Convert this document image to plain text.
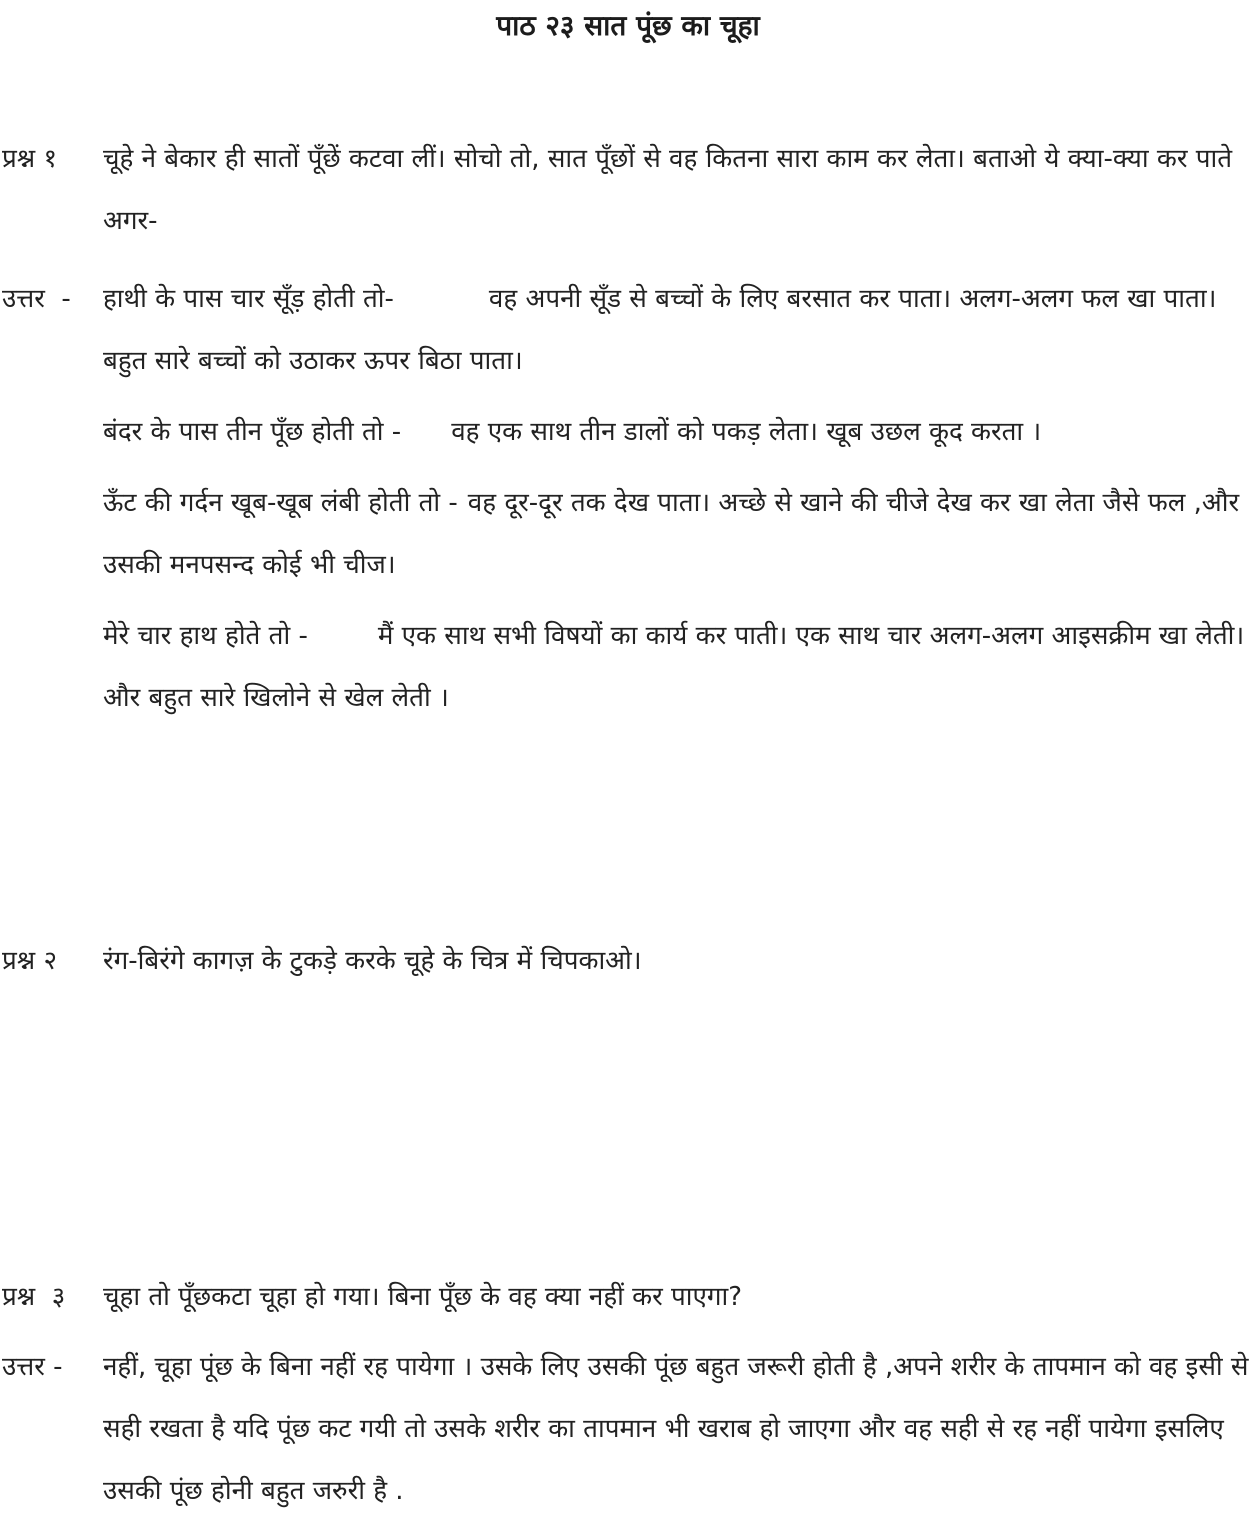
पाठ २३ सात पूंछ का चूहा
प्रश्न १	चूहे ने बेकार ही सातों पूँछें कटवा लीं। सोचो तो, सात पूँछों से वह कितना सारा काम कर लेता। बताओ ये क्या-क्या कर पाते अगर-
उत्तर  -	हाथी के पास चार सूँड़ होती तो-	वह अपनी सूँड से बच्चों के लिए बरसात कर पाता। अलग-अलग फल खा पाता। बहुत सारे बच्चों को उठाकर ऊपर बिठा पाता।
बंदर के पास तीन पूँछ होती तो - वह एक साथ तीन डालों को पकड़ लेता। खूब उछल कूद करता ।
ऊँट की गर्दन खूब-खूब लंबी होती तो - वह दूर-दूर तक देख पाता। अच्छे से खाने की चीजे देख कर खा लेता जैसे फल ,और उसकी मनपसन्द कोई भी चीज।
मेरे चार हाथ होते तो -	मैं एक साथ सभी विषयों का कार्य कर पाती। एक साथ चार अलग-अलग आइसक्रीम खा लेती।और बहुत सारे खिलोने से खेल लेती ।
प्रश्न २	रंग-बिरंगे कागज़ के टुकड़े करके चूहे के चित्र में चिपकाओ।
प्रश्न  ३	चूहा तो पूँछकटा चूहा हो गया। बिना पूँछ के वह क्या नहीं कर पाएगा?
उत्तर -	नहीं, चूहा पूंछ के बिना नहीं रह पायेगा । उसके लिए उसकी पूंछ बहुत जरूरी होती है ,अपने शरीर के तापमान को वह इसी से सही रखता है यदि पूंछ कट गयी तो उसके शरीर का तापमान भी खराब हो जाएगा और वह सही से रह नहीं पायेगा इसलिए उसकी पूंछ होनी बहुत जरुरी है .
